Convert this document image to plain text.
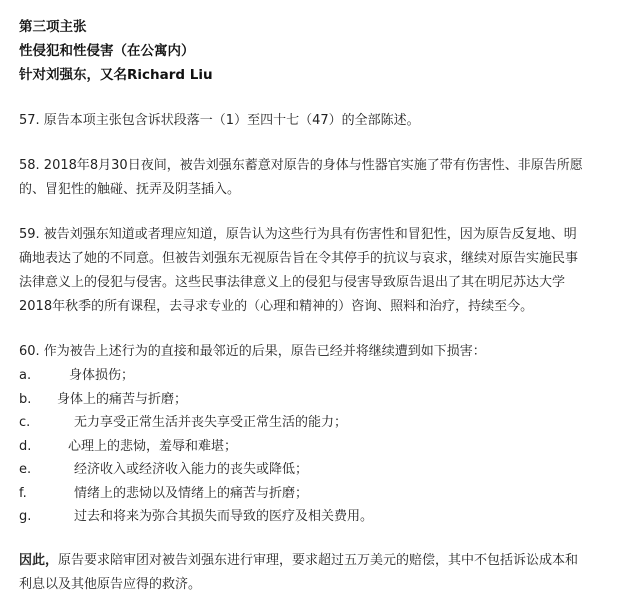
第三项主张
性侵犯和性侵害（在公寓内）
针对刘强东，又名Richard Liu
57. 原告本项主张包含诉状段落一（1）至四十七（47）的全部陈述。
58. 2018年8月30日夜间，被告刘强东蓄意对原告的身体与性器官实施了带有伤害性、非原告所愿
的、冒犯性的触碰、抚弄及阴茎插入。
59. 被告刘强东知道或者理应知道，原告认为这些行为具有伤害性和冒犯性，因为原告反复地、明
确地表达了她的不同意。但被告刘强东无视原告旨在令其停手的抗议与哀求，继续对原告实施民事
法律意义上的侵犯与侵害。这些民事法律意义上的侵犯与侵害导致原告退出了其在明尼苏达大学
2018年秋季的所有课程，去寻求专业的（心理和精神的）咨询、照料和治疗，持续至今。
60. 作为被告上述行为的直接和最邻近的后果，原告已经并将继续遭到如下损害：
a.	身体损伤；
b.	身体上的痛苦与折磨；
c.	无力享受正常生活并丧失享受正常生活的能力；
d.	心理上的悲恸，羞辱和难堪；
e.	经济收入或经济收入能力的丧失或降低；
f.	情绪上的悲恸以及情绪上的痛苦与折磨；
g.	过去和将来为弥合其损失而导致的医疗及相关费用。
因此，原告要求陪审团对被告刘强东进行审理，要求超过五万美元的赔偿，其中不包括诉讼成本和
利息以及其他原告应得的救济。
